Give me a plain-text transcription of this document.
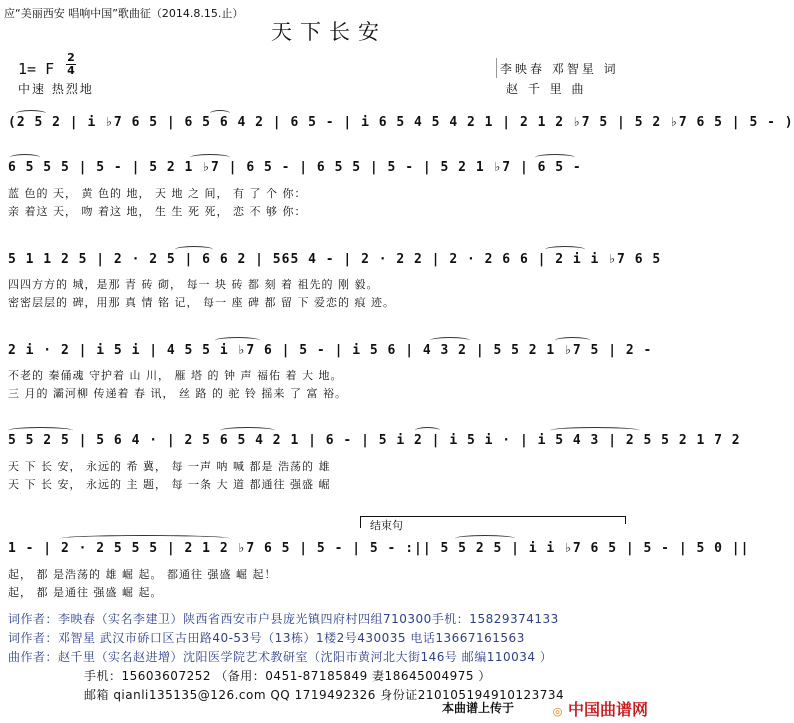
应“美丽西安 唱响中国”歌曲征（2014.8.15.止）
天下长安
1= F
2
4
中速 热烈地
李映春 邓智星 词
赵 千 里 曲
(2 5 2 | i ♭7 6 5 | 6 5 6 4 2 | 6 5 - | i 6 5 4 5 4 2 1 | 2 1 2 ♭7 5 | 5 2 ♭7 6 5 | 5 - )
6 5 5 5 | 5 - | 5 2 1 ♭7 | 6 5 - | 6 5 5 | 5 - | 5 2 1 ♭7 | 6 5 -
蓝 色的 天， 黄 色的 地， 天 地 之 间， 有 了 个 你：
亲 着这 天， 吻 着这 地， 生 生 死 死， 恋 不 够 你：
5 1 1 2 5 | 2 · 2 5 | 6 6 2 | 565 4 - | 2 · 2 2 | 2 · 2 6 6 | 2 i i ♭7 6 5
四四方方的 城，是那 青 砖 砌， 每一 块 砖 都 刻 着 祖先的 刚 毅。
密密层层的 碑，用那 真 情 铭 记， 每一 座 碑 都 留 下 爱恋的 痕 迹。
2 i · 2 | i 5 i | 4 5 5 i ♭7 6 | 5 - | i 5 6 | 4 3 2 | 5 5 2 1 ♭7 5 | 2 -
不老的 秦俑魂 守护着 山 川， 雁 塔 的 钟 声 福佑 着 大 地。
三 月的 灞河柳 传递着 春 讯， 丝 路 的 驼 铃 摇来 了 富 裕。
5 5 2 5 | 5 6 4 · | 2 5 6 5 4 2 1 | 6 - | 5 i 2 | i 5 i · | i 5 4 3 | 2 5 5 2 1 7 2
天 下 长 安， 永远的 希 冀， 每 一声 呐 喊 都是 浩荡的 雄
天 下 长 安， 永远的 主 题， 每 一条 大 道 都通往 强盛 崛
结束句
1 - | 2 · 2 5 5 5 | 2 1 2 ♭7 6 5 | 5 - | 5 - :|| 5 5 2 5 | i i ♭7 6 5 | 5 - | 5 0 ||
起， 都 是浩荡的 雄 崛 起。 都通往 强盛 崛 起！
起， 都 是通往 强盛 崛 起。
词作者：李映春（实名李建卫）陕西省西安市户县庞光镇四府村四组710300手机：15829374133
词作者：邓智星 武汉市硚口区古田路40-53号（13栋）1楼2号430035 电话13667161563
曲作者：赵千里（实名赵进增）沈阳医学院艺术教研室（沈阳市黄河北大街146号 邮编110034 ）
手机：15603607252 （备用：0451-87185849 妻18645004975 ）
邮箱 qianli135135@126.com QQ 1719492326 身份证210105194910123734
本曲谱上传于	◎ 中国曲谱网
